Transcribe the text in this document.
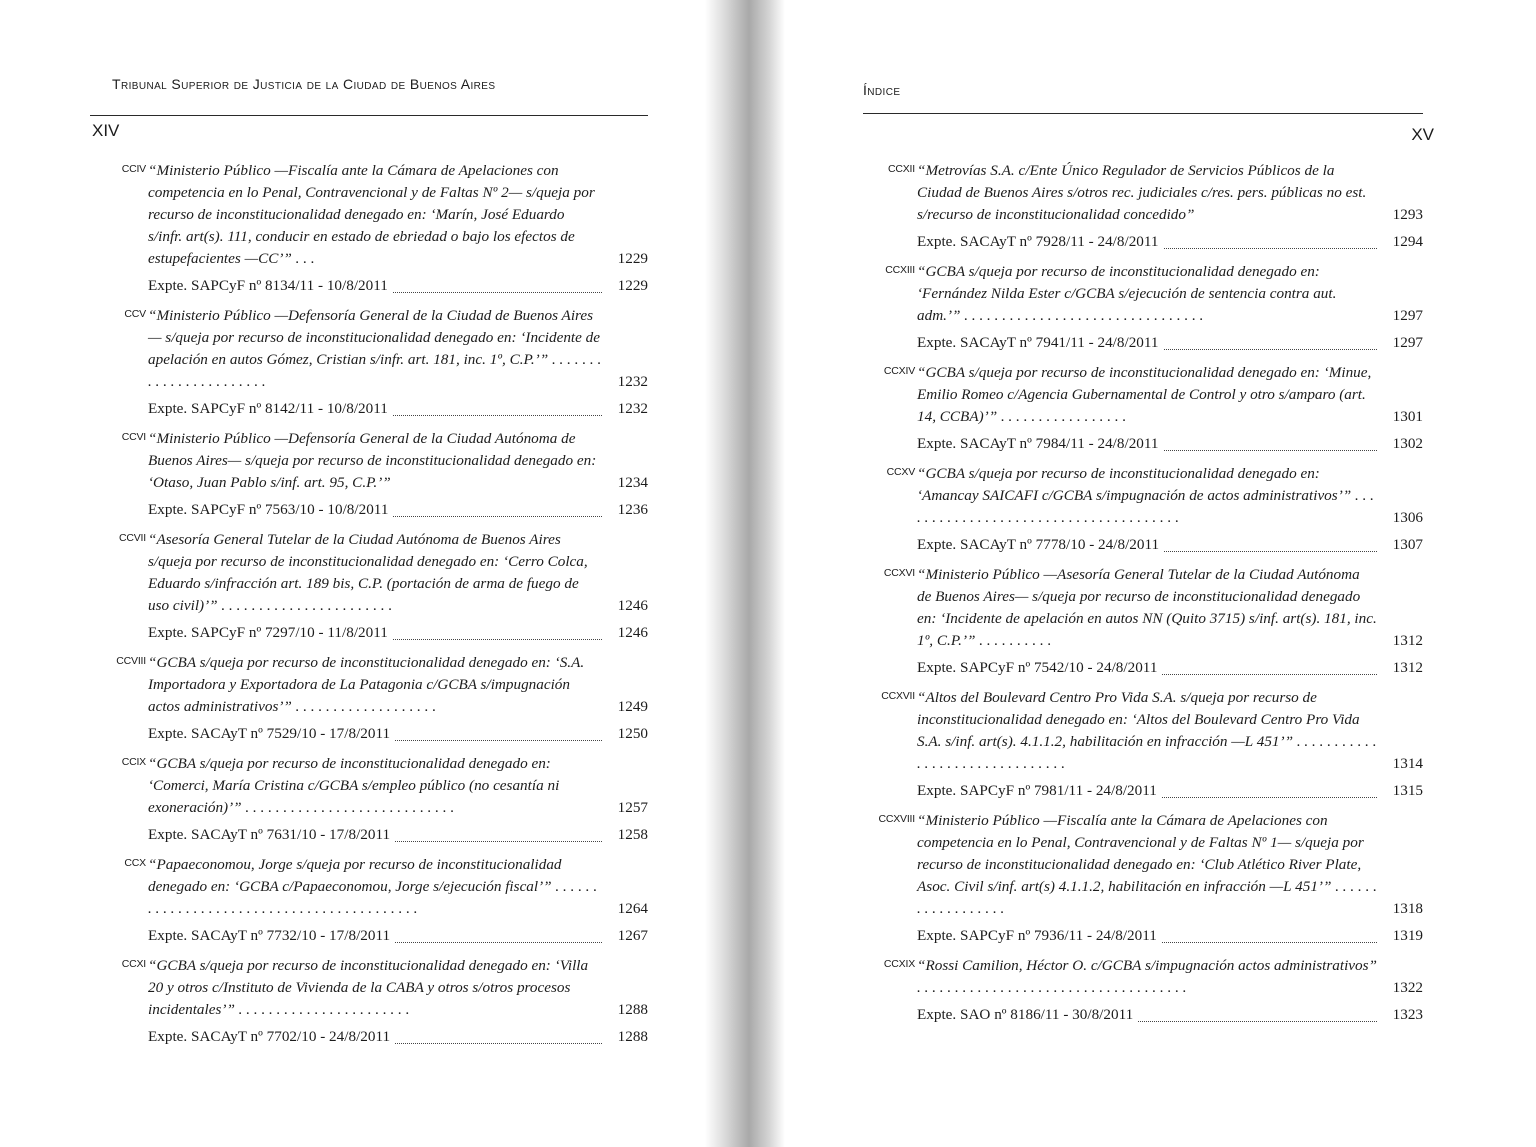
Tribunal Superior de Justicia de la Ciudad de Buenos Aires
XIV
CCIV “Ministerio Público —Fiscalía ante la Cámara de Apelaciones con competencia en lo Penal, Contravencional y de Faltas Nº 2— s/queja por recurso de inconstitucionalidad denegado en: ‘Marín, José Eduardo s/infr. art(s). 111, conducir en estado de ebriedad o bajo los efectos de estupefacientes —CC’” . . .	1229
Expte. SAPCyF nº 8134/11 - 10/8/2011	1229
CCV “Ministerio Público —Defensoría General de la Ciudad de Buenos Aires— s/queja por recurso de inconstitucionalidad denegado en: ‘Incidente de apelación en autos Gómez, Cristian s/infr. art. 181, inc. 1º, C.P.’” . . . . . . . . . . . . . . . . . . . . . . .	1232
Expte. SAPCyF nº 8142/11 - 10/8/2011	1232
CCVI “Ministerio Público —Defensoría General de la Ciudad Autónoma de Buenos Aires— s/queja por recurso de inconstitucionalidad denegado en: ‘Otaso, Juan Pablo s/inf. art. 95, C.P.’”	1234
Expte. SAPCyF nº 7563/10 - 10/8/2011	1236
CCVII “Asesoría General Tutelar de la Ciudad Autónoma de Buenos Aires s/queja por recurso de inconstitucionalidad denegado en: ‘Cerro Colca, Eduardo s/infracción art. 189 bis, C.P. (portación de arma de fuego de uso civil)’” . . . . . . . . . . . . . . . . . . . . . . .	1246
Expte. SAPCyF nº 7297/10 - 11/8/2011	1246
CCVIII “GCBA s/queja por recurso de inconstitucionalidad denegado en: ‘S.A. Importadora y Exportadora de La Patagonia c/GCBA s/impugnación actos administrativos’” . . . . . . . . . . . . . . . . . . .	1249
Expte. SACAyT nº 7529/10 - 17/8/2011	1250
CCIX “GCBA s/queja por recurso de inconstitucionalidad denegado en: ‘Comerci, María Cristina c/GCBA s/empleo público (no cesantía ni exoneración)’” . . . . . . . . . . . . . . . . . . . . . . . . . . . .	1257
Expte. SACAyT nº 7631/10 - 17/8/2011	1258
CCX “Papaeconomou, Jorge s/queja por recurso de inconstitucionalidad denegado en: ‘GCBA c/Papaeconomou, Jorge s/ejecución fiscal’” . . . . . . . . . . . . . . . . . . . . . . . . . . . . . . . . . . . . . . . . . .	1264
Expte. SACAyT nº 7732/10 - 17/8/2011	1267
CCXI “GCBA s/queja por recurso de inconstitucionalidad denegado en: ‘Villa 20 y otros c/Instituto de Vivienda de la CABA y otros s/otros procesos incidentales’” . . . . . . . . . . . . . . . . . . . . . . .	1288
Expte. SACAyT nº 7702/10 - 24/8/2011	1288
Índice
XV
CCXII “Metrovías S.A. c/Ente Único Regulador de Servicios Públicos de la Ciudad de Buenos Aires s/otros rec. judiciales c/res. pers. públicas no est. s/recurso de inconstitucionalidad concedido”	1293
Expte. SACAyT nº 7928/11 - 24/8/2011	1294
CCXIII “GCBA s/queja por recurso de inconstitucionalidad denegado en: ‘Fernández Nilda Ester c/GCBA s/ejecución de sentencia contra aut. adm.’” . . . . . . . . . . . . . . . . . . . . . . . . . . . . . . . .	1297
Expte. SACAyT nº 7941/11 - 24/8/2011	1297
CCXIV “GCBA s/queja por recurso de inconstitucionalidad denegado en: ‘Minue, Emilio Romeo c/Agencia Gubernamental de Control y otro s/amparo (art. 14, CCBA)’” . . . . . . . . . . . . . . . . .	1301
Expte. SACAyT nº 7984/11 - 24/8/2011	1302
CCXV “GCBA s/queja por recurso de inconstitucionalidad denegado en: ‘Amancay SAICAFI c/GCBA s/impugnación de actos administrativos’” . . . . . . . . . . . . . . . . . . . . . . . . . . . . . . . . . . . . . .	1306
Expte. SACAyT nº 7778/10 - 24/8/2011	1307
CCXVI “Ministerio Público —Asesoría General Tutelar de la Ciudad Autónoma de Buenos Aires— s/queja por recurso de inconstitucionalidad denegado en: ‘Incidente de apelación en autos NN (Quito 3715) s/inf. art(s). 181, inc. 1º, C.P.’” . . . . . . . . . .	1312
Expte. SAPCyF nº 7542/10 - 24/8/2011	1312
CCXVII “Altos del Boulevard Centro Pro Vida S.A. s/queja por recurso de inconstitucionalidad denegado en: ‘Altos del Boulevard Centro Pro Vida S.A. s/inf. art(s). 4.1.1.2, habilitación en infracción —L 451’” . . . . . . . . . . . . . . . . . . . . . . . . . . . . . . .	1314
Expte. SAPCyF nº 7981/11 - 24/8/2011	1315
CCXVIII “Ministerio Público —Fiscalía ante la Cámara de Apelaciones con competencia en lo Penal, Contravencional y de Faltas Nº 1— s/queja por recurso de inconstitucionalidad denegado en: ‘Club Atlético River Plate, Asoc. Civil s/inf. art(s) 4.1.1.2, habilitación en infracción —L 451’” . . . . . . . . . . . . . . . . . .	1318
Expte. SAPCyF nº 7936/11 - 24/8/2011	1319
CCXIX “Rossi Camilion, Héctor O. c/GCBA s/impugnación actos administrativos” . . . . . . . . . . . . . . . . . . . . . . . . . . . . . . . . . . . .	1322
Expte. SAO nº 8186/11 - 30/8/2011	1323
